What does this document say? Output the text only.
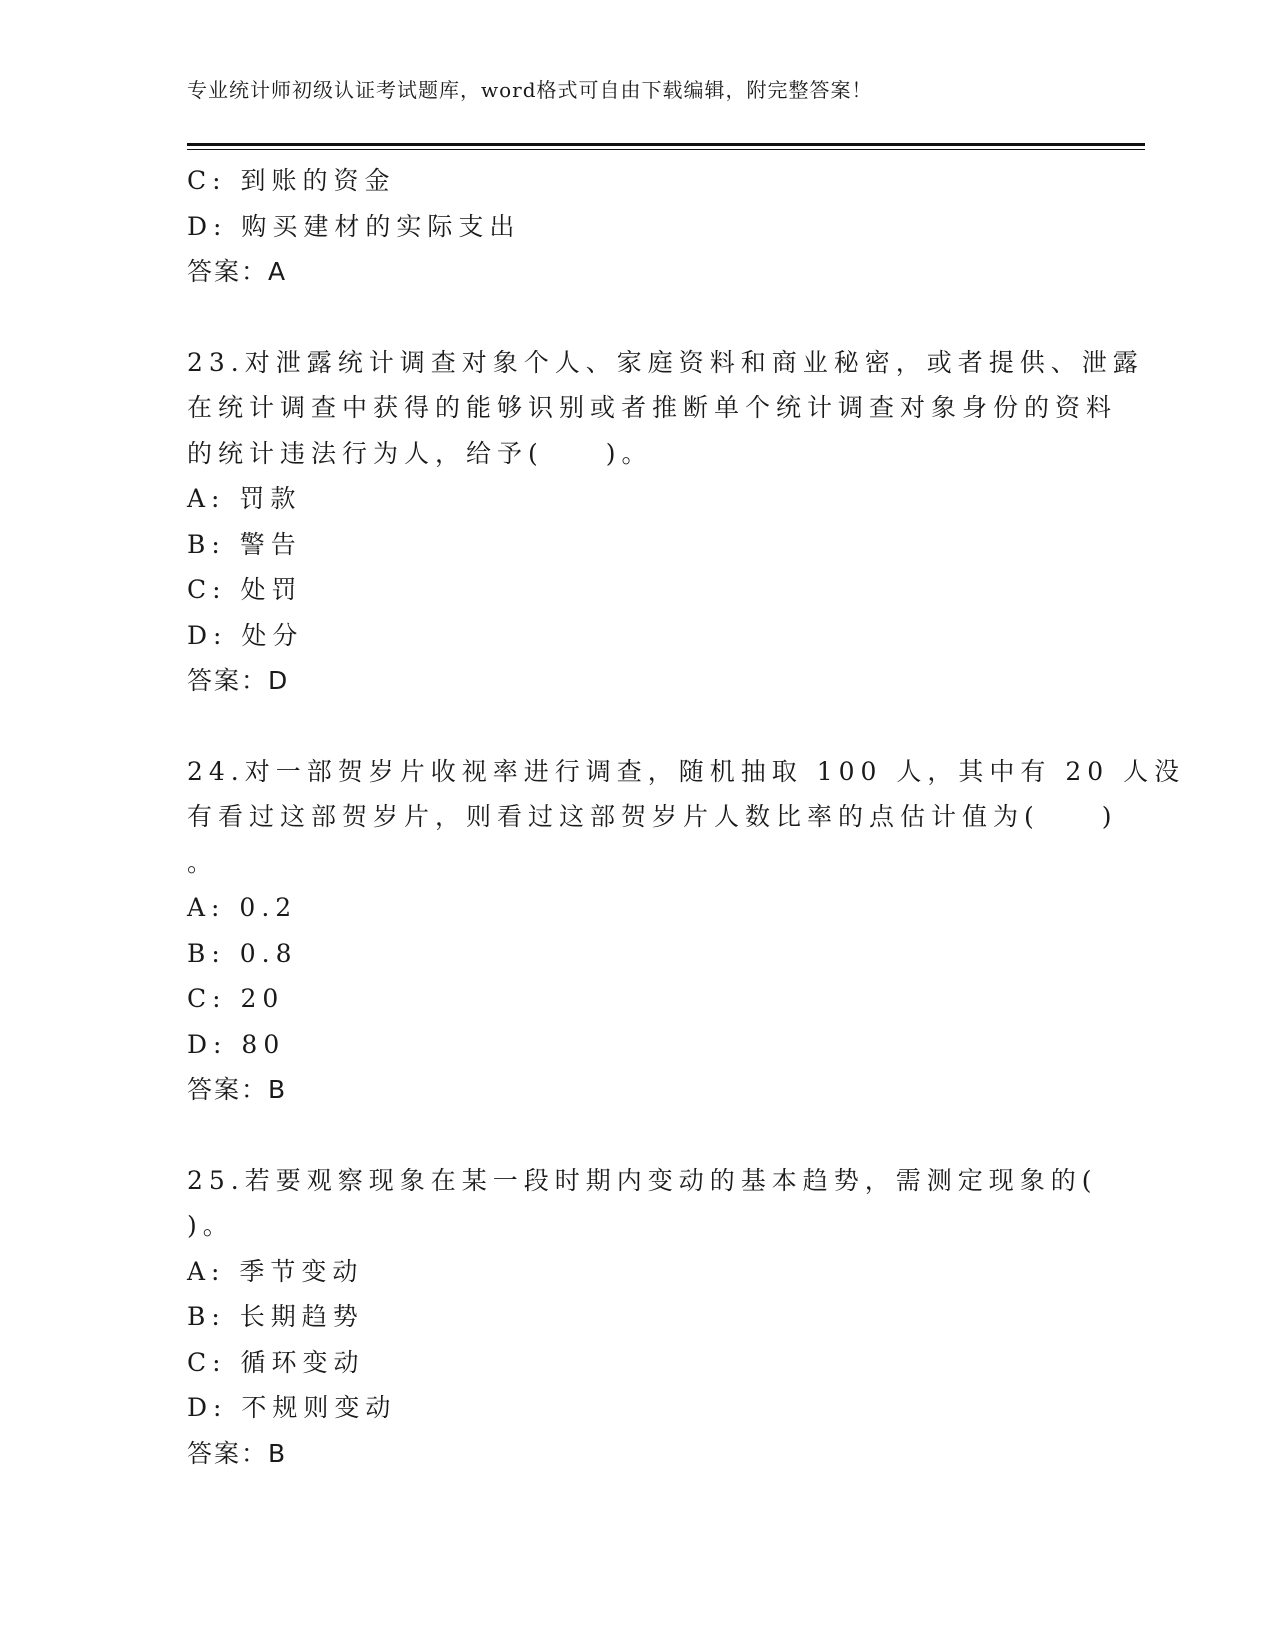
专业统计师初级认证考试题库，word格式可自由下载编辑，附完整答案！
C: 到账的资金
D: 购买建材的实际支出
答案：A
23.对泄露统计调查对象个人、家庭资料和商业秘密，或者提供、泄露
在统计调查中获得的能够识别或者推断单个统计调查对象身份的资料
的统计违法行为人，给予(　　)。
A: 罚款
B: 警告
C: 处罚
D: 处分
答案：D
24.对一部贺岁片收视率进行调查，随机抽取 100 人，其中有 20 人没
有看过这部贺岁片，则看过这部贺岁片人数比率的点估计值为(　　)
。
A: 0.2
B: 0.8
C: 20
D: 80
答案：B
25.若要观察现象在某一段时期内变动的基本趋势，需测定现象的(
)。
A: 季节变动
B: 长期趋势
C: 循环变动
D: 不规则变动
答案：B
